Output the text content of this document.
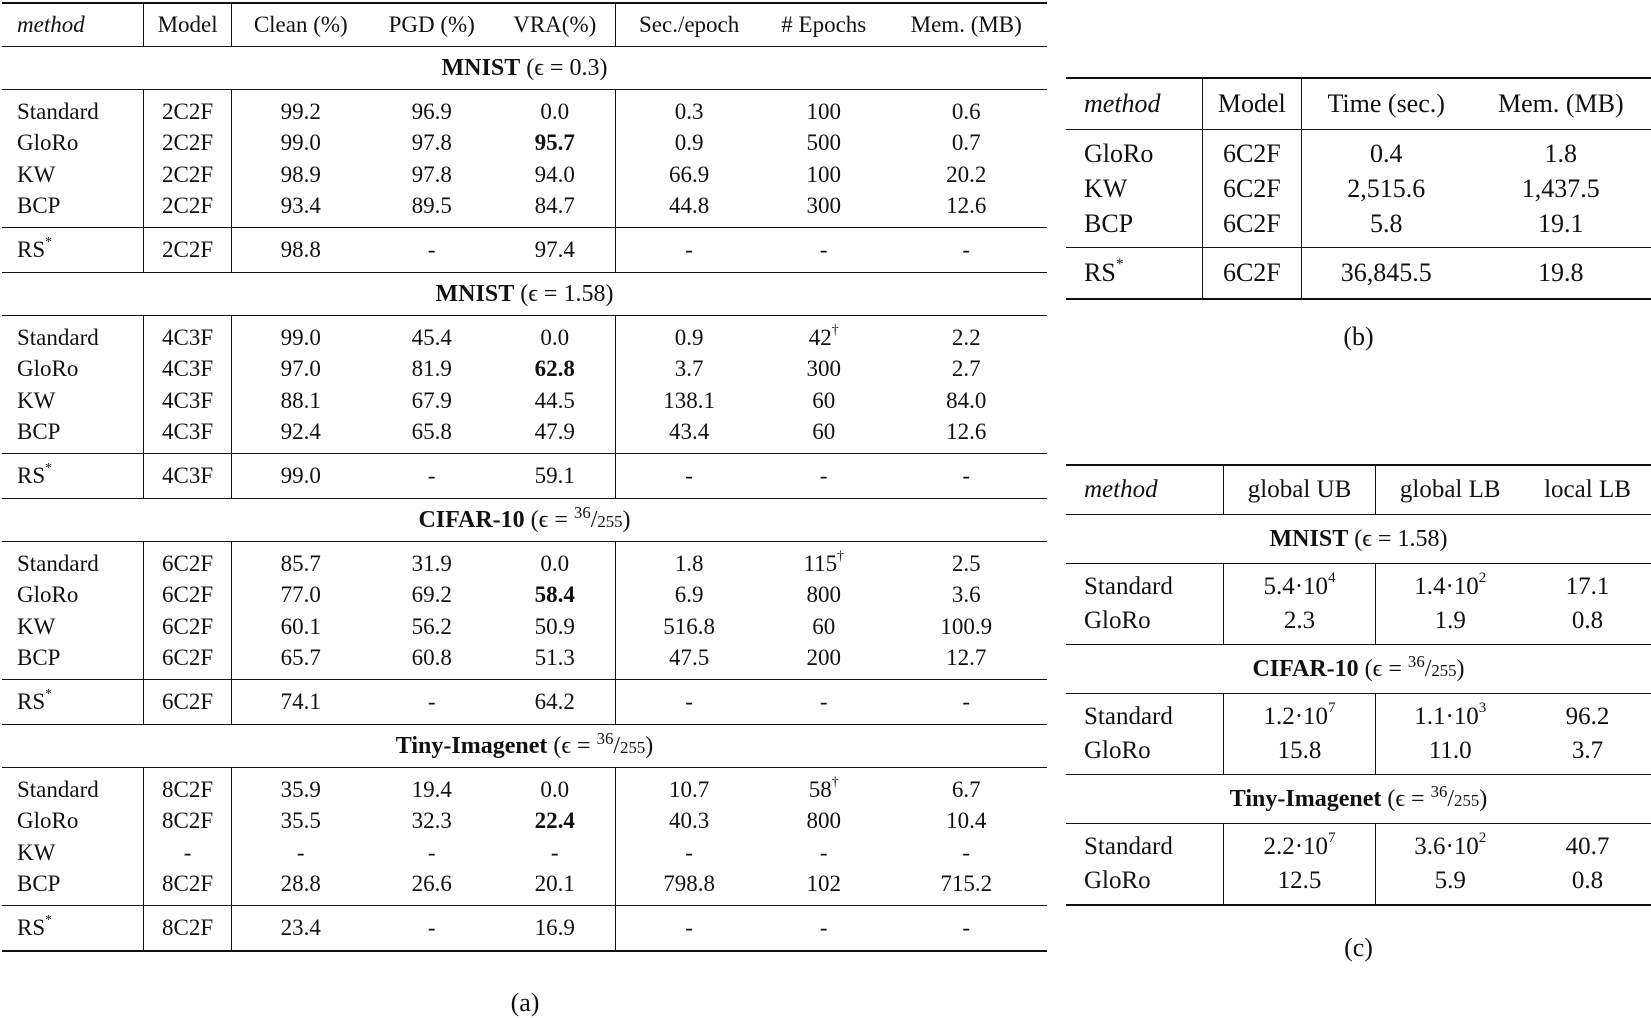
method	Model	Clean (%)	PGD (%)	VRA(%)	Sec./epoch	# Epochs	Mem. (MB)
MNIST (ϵ = 0.3)							
Standard	2C2F	99.2	96.9	0.0	0.3	100	0.6
GloRo	2C2F	99.0	97.8	95.7	0.9	500	0.7
KW	2C2F	98.9	97.8	94.0	66.9	100	20.2
BCP	2C2F	93.4	89.5	84.7	44.8	300	12.6
RS*	2C2F	98.8	-	97.4	-	-	-
MNIST (ϵ = 1.58)							
Standard	4C3F	99.0	45.4	0.0	0.9	42†	2.2
GloRo	4C3F	97.0	81.9	62.8	3.7	300	2.7
KW	4C3F	88.1	67.9	44.5	138.1	60	84.0
BCP	4C3F	92.4	65.8	47.9	43.4	60	12.6
RS*	4C3F	99.0	-	59.1	-	-	-
CIFAR-10 (ϵ = $^{36}$/255)							
Standard	6C2F	85.7	31.9	0.0	1.8	115†	2.5
GloRo	6C2F	77.0	69.2	58.4	6.9	800	3.6
KW	6C2F	60.1	56.2	50.9	516.8	60	100.9
BCP	6C2F	65.7	60.8	51.3	47.5	200	12.7
RS*	6C2F	74.1	-	64.2	-	-	-
Tiny-Imagenet (ϵ = $^{36}$/255)							
Standard	8C2F	35.9	19.4	0.0	10.7	58†	6.7
GloRo	8C2F	35.5	32.3	22.4	40.3	800	10.4
KW	-	-	-	-	-	-	-
BCP	8C2F	28.8	26.6	20.1	798.8	102	715.2
RS*	8C2F	23.4	-	16.9	-	-	-
(a)
method	Model	Time (sec.)	Mem. (MB)
GloRo	6C2F	0.4	1.8
KW	6C2F	2,515.6	1,437.5
BCP	6C2F	5.8	19.1
RS*	6C2F	36,845.5	19.8
(b)
method	global UB	global LB	local LB
MNIST (ϵ = 1.58)			
Standard	$5.4\cdot 10^4$	$1.4\cdot 10^2$	17.1
GloRo	2.3	1.9	0.8
CIFAR-10 (ϵ = $^{36}$/255)			
Standard	$1.2\cdot 10^7$	$1.1\cdot 10^3$	96.2
GloRo	15.8	11.0	3.7
Tiny-Imagenet (ϵ = $^{36}$/255)			
Standard	$2.2\cdot 10^7$	$3.6\cdot 10^2$	40.7
GloRo	12.5	5.9	0.8
(c)
